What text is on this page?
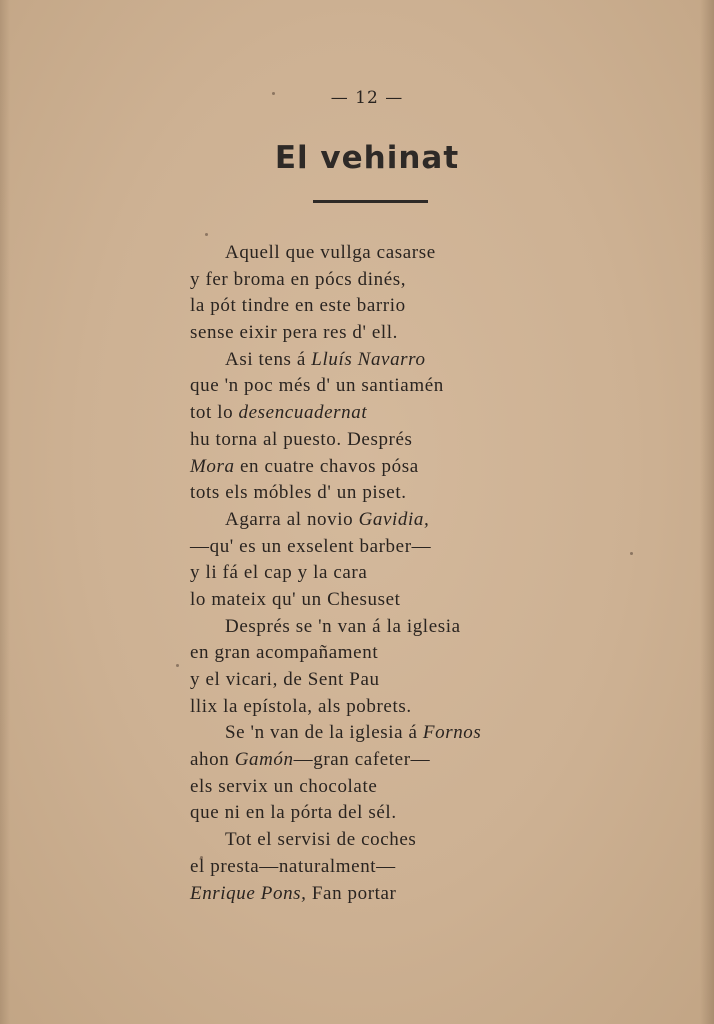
— 12 —
El vehinat
Aquell que vullga casarse
y fer broma en pócs dinés,
la pót tindre en este barrio
sense eixir pera res d' ell.
Asi tens á Lluís Navarro
que 'n poc més d' un santiamén
tot lo desencuadernat
hu torna al puesto. Després
Mora en cuatre chavos pósa
tots els móbles d' un piset.
Agarra al novio Gavidia,
—qu' es un exselent barber—
y li fá el cap y la cara
lo mateix qu' un Chesuset
Després se 'n van á la iglesia
en gran acompañament
y el vicari, de Sent Pau
llix la epístola, als pobrets.
Se 'n van de la iglesia á Fornos
ahon Gamón—gran cafeter—
els servix un chocolate
que ni en la pórta del sél.
Tot el servisi de coches
el presta—naturalment—
Enrique Pons, Fan portar
